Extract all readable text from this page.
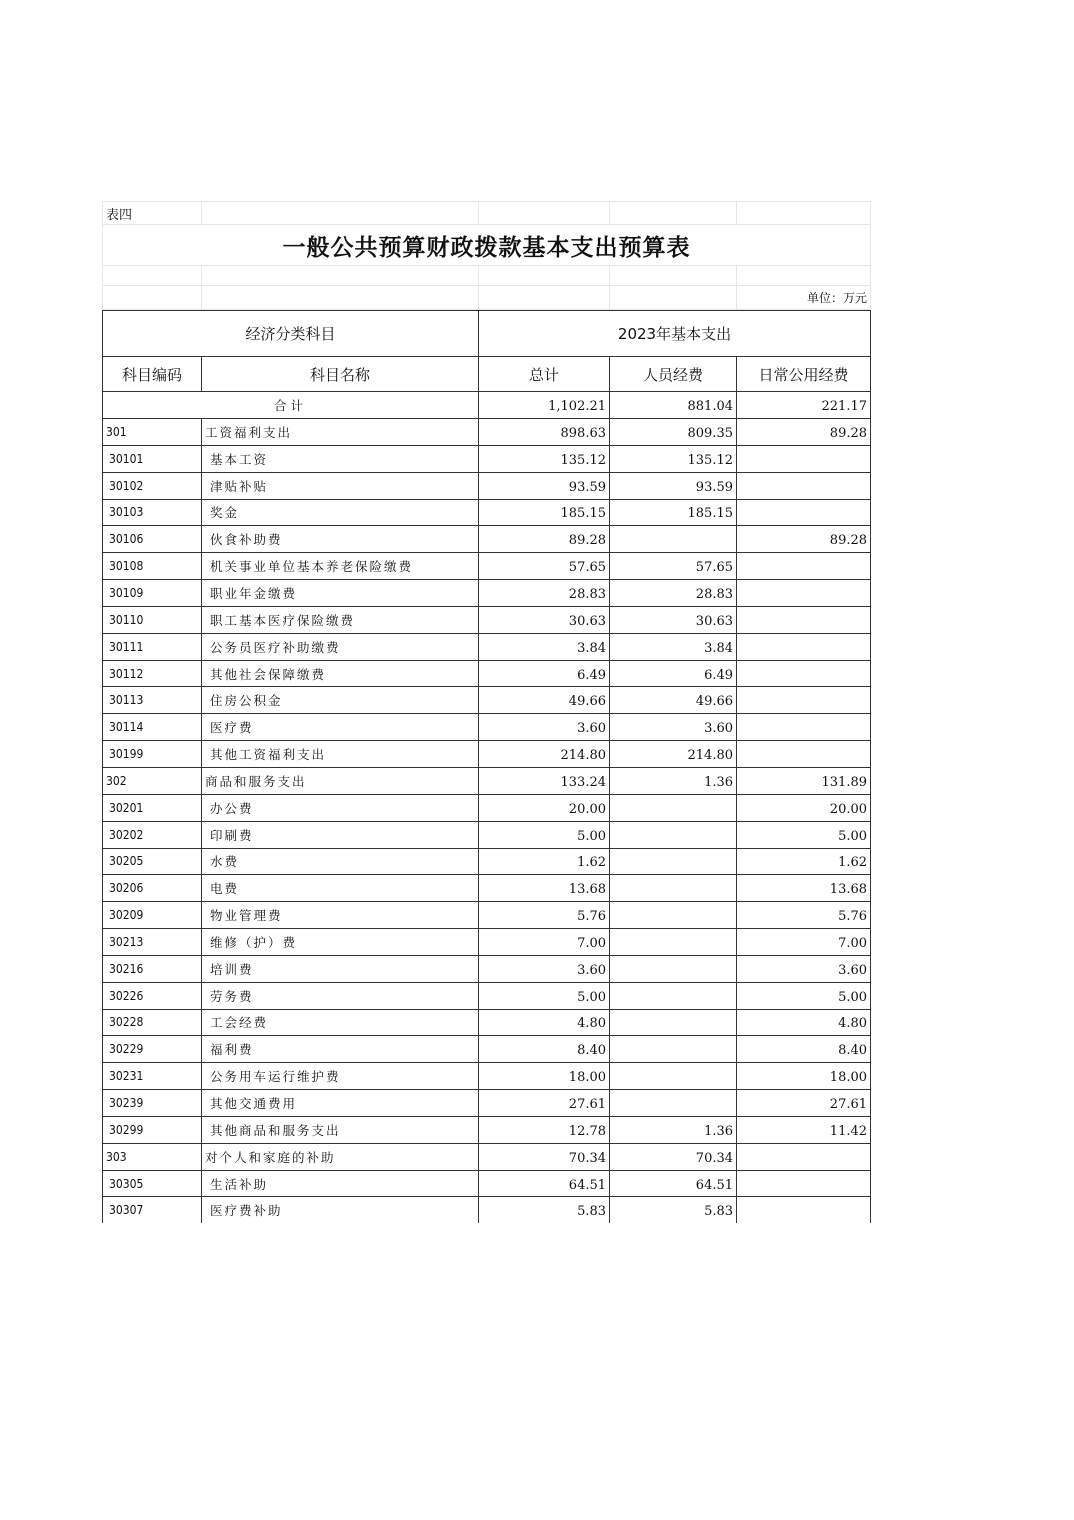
表四				
一般公共预算财政拨款基本支出预算表				

				单位：万元
经济分类科目		2023年基本支出		
科目编码	科目名称	总计	人员经费	日常公用经费
合计		1,102.21	881.04	221.17
301	工资福利支出	898.63	809.35	89.28
30101	基本工资	135.12	135.12	
30102	津贴补贴	93.59	93.59	
30103	奖金	185.15	185.15	
30106	伙食补助费	89.28		89.28
30108	机关事业单位基本养老保险缴费	57.65	57.65	
30109	职业年金缴费	28.83	28.83	
30110	职工基本医疗保险缴费	30.63	30.63	
30111	公务员医疗补助缴费	3.84	3.84	
30112	其他社会保障缴费	6.49	6.49	
30113	住房公积金	49.66	49.66	
30114	医疗费	3.60	3.60	
30199	其他工资福利支出	214.80	214.80	
302	商品和服务支出	133.24	1.36	131.89
30201	办公费	20.00		20.00
30202	印刷费	5.00		5.00
30205	水费	1.62		1.62
30206	电费	13.68		13.68
30209	物业管理费	5.76		5.76
30213	维修（护）费	7.00		7.00
30216	培训费	3.60		3.60
30226	劳务费	5.00		5.00
30228	工会经费	4.80		4.80
30229	福利费	8.40		8.40
30231	公务用车运行维护费	18.00		18.00
30239	其他交通费用	27.61		27.61
30299	其他商品和服务支出	12.78	1.36	11.42
303	对个人和家庭的补助	70.34	70.34	
30305	生活补助	64.51	64.51	
30307	医疗费补助	5.83	5.83	
